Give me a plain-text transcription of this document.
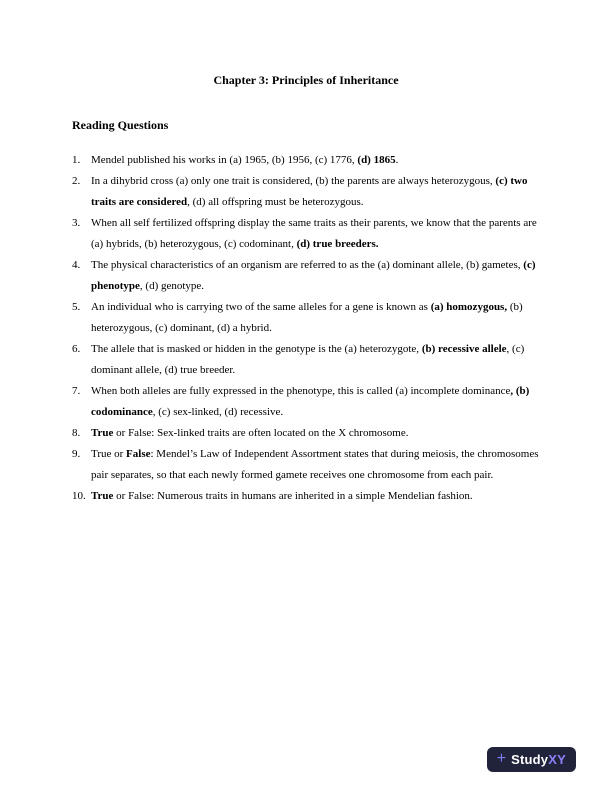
Chapter 3: Principles of Inheritance
Reading Questions
1. Mendel published his works in (a) 1965, (b) 1956, (c) 1776, (d) 1865.
2. In a dihybrid cross (a) only one trait is considered, (b) the parents are always heterozygous, (c) two traits are considered, (d) all offspring must be heterozygous.
3. When all self fertilized offspring display the same traits as their parents, we know that the parents are (a) hybrids, (b) heterozygous, (c) codominant, (d) true breeders.
4. The physical characteristics of an organism are referred to as the (a) dominant allele, (b) gametes, (c) phenotype, (d) genotype.
5. An individual who is carrying two of the same alleles for a gene is known as (a) homozygous, (b) heterozygous, (c) dominant, (d) a hybrid.
6. The allele that is masked or hidden in the genotype is the (a) heterozygote, (b) recessive allele, (c) dominant allele, (d) true breeder.
7. When both alleles are fully expressed in the phenotype, this is called (a) incomplete dominance, (b) codominance, (c) sex-linked, (d) recessive.
8. True or False: Sex-linked traits are often located on the X chromosome.
9. True or False: Mendel’s Law of Independent Assortment states that during meiosis, the chromosomes pair separates, so that each newly formed gamete receives one chromosome from each pair.
10. True or False: Numerous traits in humans are inherited in a simple Mendelian fashion.
+ Study XY
